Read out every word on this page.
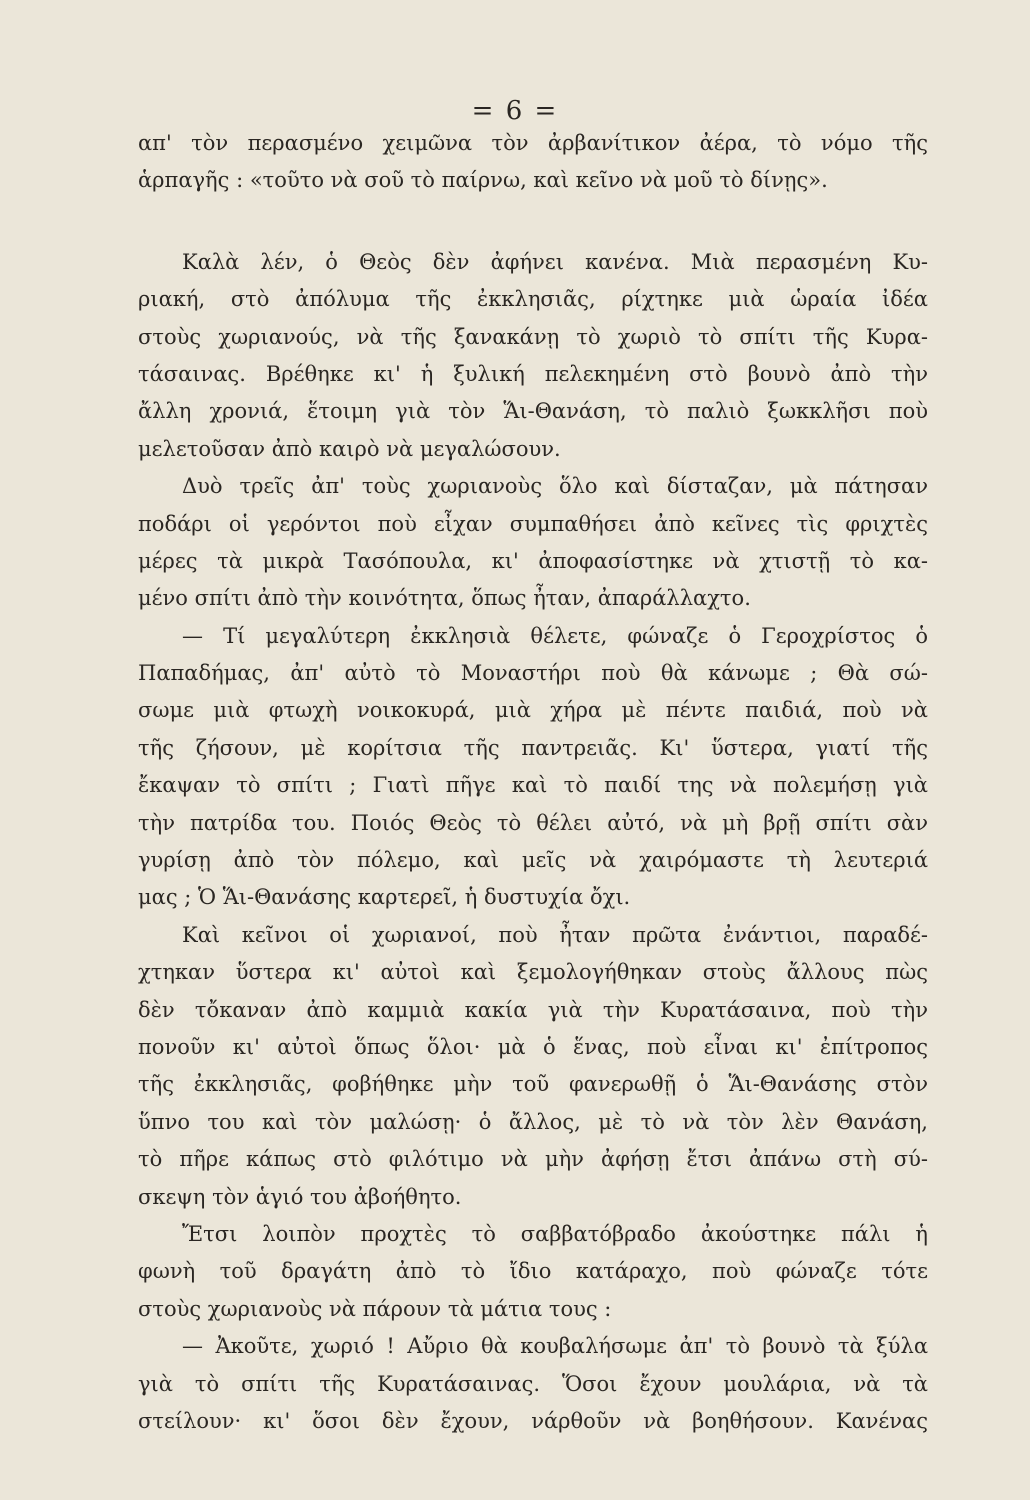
= 6 =
απ' τὸν περασμένο χειμῶνα τὸν ἀρβανίτικον ἀέρα, τὸ νόμο τῆς
ἁρπαγῆς : «τοῦτο νὰ σοῦ τὸ παίρνω, καὶ κεῖνο νὰ μοῦ τὸ δίνῃς».
Καλὰ λέν, ὁ Θεὸς δὲν ἀφήνει κανένα. Μιὰ περασμένη Κυ-
ριακή, στὸ ἀπόλυμα τῆς ἐκκλησιᾶς, ρίχτηκε μιὰ ὡραία ἰδέα
στοὺς χωριανούς, νὰ τῆς ξανακάνῃ τὸ χωριὸ τὸ σπίτι τῆς Κυρα-
τάσαινας. Βρέθηκε κι' ἡ ξυλική πελεκημένη στὸ βουνὸ ἀπὸ τὴν
ἄλλη χρονιά, ἕτοιμη γιὰ τὸν Ἅι-Θανάση, τὸ παλιὸ ξωκκλῆσι ποὺ
μελετοῦσαν ἀπὸ καιρὸ νὰ μεγαλώσουν.
Δυὸ τρεῖς ἀπ' τοὺς χωριανοὺς ὅλο καὶ δίσταζαν, μὰ πάτησαν
ποδάρι οἱ γερόντοι ποὺ εἶχαν συμπαθήσει ἀπὸ κεῖνες τὶς φριχτὲς
μέρες τὰ μικρὰ Τασόπουλα, κι' ἀποφασίστηκε νὰ χτιστῇ τὸ κα-
μένο σπίτι ἀπὸ τὴν κοινότητα, ὅπως ἦταν, ἀπαράλλαχτο.
— Τί μεγαλύτερη ἐκκλησιὰ θέλετε, φώναζε ὁ Γεροχρίστος ὁ
Παπαδήμας, ἀπ' αὐτὸ τὸ Μοναστήρι ποὺ θὰ κάνωμε ; Θὰ σώ-
σωμε μιὰ φτωχὴ νοικοκυρά, μιὰ χήρα μὲ πέντε παιδιά, ποὺ νὰ
τῆς ζήσουν, μὲ κορίτσια τῆς παντρειᾶς. Κι' ὕστερα, γιατί τῆς
ἔκαψαν τὸ σπίτι ; Γιατὶ πῆγε καὶ τὸ παιδί της νὰ πολεμήσῃ γιὰ
τὴν πατρίδα του. Ποιός Θεὸς τὸ θέλει αὐτό, νὰ μὴ βρῇ σπίτι σὰν
γυρίσῃ ἀπὸ τὸν πόλεμο, καὶ μεῖς νὰ χαιρόμαστε τὴ λευτεριά
μας ; Ὁ Ἅι-Θανάσης καρτερεῖ, ἡ δυστυχία ὄχι.
Καὶ κεῖνοι οἱ χωριανοί, ποὺ ἦταν πρῶτα ἐνάντιοι, παραδέ-
χτηκαν ὕστερα κι' αὐτοὶ καὶ ξεμολογήθηκαν στοὺς ἄλλους πὼς
δὲν τὄκαναν ἀπὸ καμμιὰ κακία γιὰ τὴν Κυρατάσαινα, ποὺ τὴν
πονοῦν κι' αὐτοὶ ὅπως ὅλοι· μὰ ὁ ἕνας, ποὺ εἶναι κι' ἐπίτροπος
τῆς ἐκκλησιᾶς, φοβήθηκε μὴν τοῦ φανερωθῇ ὁ Ἅι-Θανάσης στὸν
ὕπνο του καὶ τὸν μαλώσῃ· ὁ ἄλλος, μὲ τὸ νὰ τὸν λὲν Θανάση,
τὸ πῆρε κάπως στὸ φιλότιμο νὰ μὴν ἀφήσῃ ἔτσι ἀπάνω στὴ σύ-
σκεψη τὸν ἁγιό του ἀβοήθητο.
Ἔτσι λοιπὸν προχτὲς τὸ σαββατόβραδο ἀκούστηκε πάλι ἡ
φωνὴ τοῦ δραγάτη ἀπὸ τὸ ἴδιο κατάραχο, ποὺ φώναζε τότε
στοὺς χωριανοὺς νὰ πάρουν τὰ μάτια τους :
— Ἀκοῦτε, χωριό ! Αὔριο θὰ κουβαλήσωμε ἀπ' τὸ βουνὸ τὰ ξύλα
γιὰ τὸ σπίτι τῆς Κυρατάσαινας. Ὅσοι ἔχουν μουλάρια, νὰ τὰ
στείλουν· κι' ὅσοι δὲν ἔχουν, νάρθοῦν νὰ βοηθήσουν. Κανένας
